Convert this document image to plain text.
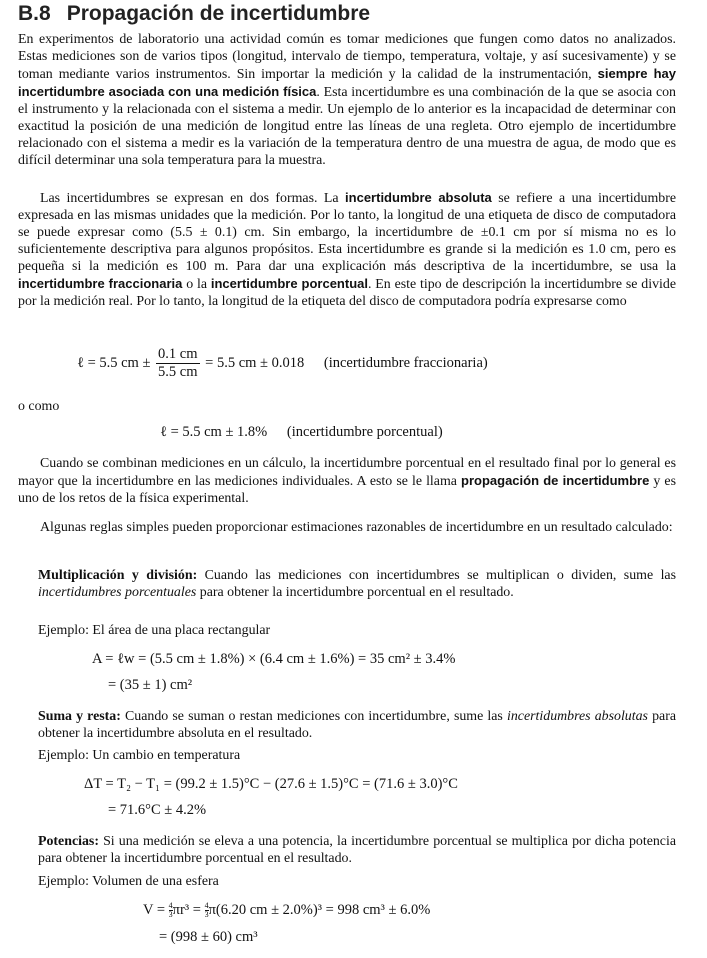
B.8 Propagación de incertidumbre
En experimentos de laboratorio una actividad común es tomar mediciones que fungen como datos no analizados. Estas mediciones son de varios tipos (longitud, intervalo de tiempo, temperatura, voltaje, y así sucesivamente) y se toman mediante varios instrumentos. Sin importar la medición y la calidad de la instrumentación, siempre hay incertidumbre asociada con una medición física. Esta incertidumbre es una combinación de la que se asocia con el instrumento y la relacionada con el sistema a medir. Un ejemplo de lo anterior es la incapacidad de determinar con exactitud la posición de una medición de longitud entre las líneas de una regleta. Otro ejemplo de incertidumbre relacionado con el sistema a medir es la variación de la temperatura dentro de una muestra de agua, de modo que es difícil determinar una sola temperatura para la muestra.
Las incertidumbres se expresan en dos formas. La incertidumbre absoluta se refiere a una incertidumbre expresada en las mismas unidades que la medición. Por lo tanto, la longitud de una etiqueta de disco de computadora se puede expresar como (5.5 ± 0.1) cm. Sin embargo, la incertidumbre de ±0.1 cm por sí misma no es lo suficientemente descriptiva para algunos propósitos. Esta incertidumbre es grande si la medición es 1.0 cm, pero es pequeña si la medición es 100 m. Para dar una explicación más descriptiva de la incertidumbre, se usa la incertidumbre fraccionaria o la incertidumbre porcentual. En este tipo de descripción la incertidumbre se divide por la medición real. Por lo tanto, la longitud de la etiqueta del disco de computadora podría expresarse como
ℓ = 5.5 cm ± $\frac{0.1 cm}{5.5 cm} = 5.5$ cm ± 0.018 (incertidumbre fraccionaria)
o como
ℓ = 5.5 cm ± 1.8% (incertidumbre porcentual)
Cuando se combinan mediciones en un cálculo, la incertidumbre porcentual en el resultado final por lo general es mayor que la incertidumbre en las mediciones individuales. A esto se le llama propagación de incertidumbre y es uno de los retos de la física experimental.
Algunas reglas simples pueden proporcionar estimaciones razonables de incertidumbre en un resultado calculado:
Multiplicación y división: Cuando las mediciones con incertidumbres se multiplican o dividen, sume las incertidumbres porcentuales para obtener la incertidumbre porcentual en el resultado.
Ejemplo: El área de una placa rectangular
A = ℓw = (5.5 cm ± 1.8%) × (6.4 cm ± 1.6%) = 35 cm² ± 3.4%
= (35 ± 1) cm²
Suma y resta: Cuando se suman o restan mediciones con incertidumbre, sume las incertidumbres absolutas para obtener la incertidumbre absoluta en el resultado.
Ejemplo: Un cambio en temperatura
ΔT = T₂ − T₁ = (99.2 ± 1.5)°C − (27.6 ± 1.5)°C = (71.6 ± 3.0)°C
= 71.6°C ± 4.2%
Potencias: Si una medición se eleva a una potencia, la incertidumbre porcentual se multiplica por dicha potencia para obtener la incertidumbre porcentual en el resultado.
Ejemplo: Volumen de una esfera
$V = \frac{4}{3} \pi r^3 = \frac{4}{3} \pi(6.20$ cm ± 2.0%)³ = 998 cm³ ± 6.0%
= (998 ± 60) cm³
